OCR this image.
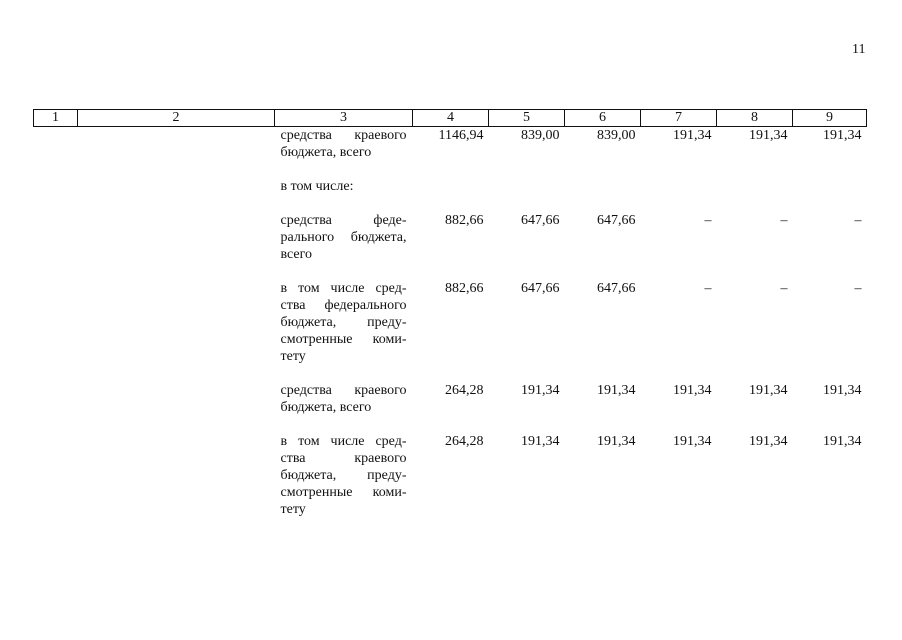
11
1	2	3	4	5	6	7	8	9

		средства краевого
бюджета, всего	1146,94	839,00	839,00	191,34	191,34	191,34

		в том числе:						

		средства феде-
рального бюджета,
всего	882,66	647,66	647,66	–	–	–

		в том числе сред-
ства федерального
бюджета, преду-
смотренные коми-
тету	882,66	647,66	647,66	–	–	–

		средства краевого
бюджета, всего	264,28	191,34	191,34	191,34	191,34	191,34

		в том числе сред-
ства краевого
бюджета, преду-
смотренные коми-
тету	264,28	191,34	191,34	191,34	191,34	191,34
